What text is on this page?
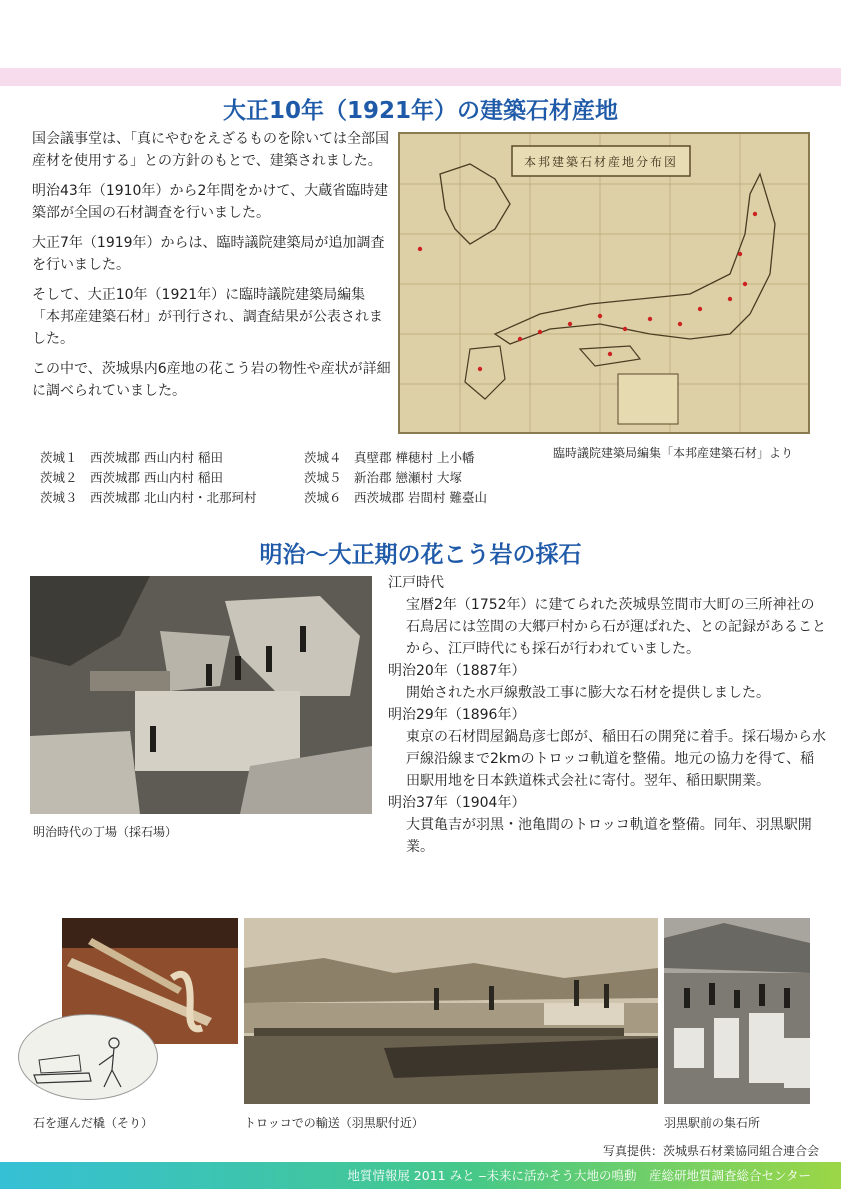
大正10年（1921年）の建築石材産地

国会議事堂は、「真にやむをえざるものを除いては全部国産材を使用する」との方針のもとで、建築されました。

明治43年（1910年）から2年間をかけて、大蔵省臨時建築部が全国の石材調査を行いました。

大正7年（1919年）からは、臨時議院建築局が追加調査を行いました。

そして、大正10年（1921年）に臨時議院建築局編集「本邦産建築石材」が刊行され、調査結果が公表されました。

この中で、茨城県内6産地の花こう岩の物性や産状が詳細に調べられていました。

本邦建築石材産地分布図
臨時議院建築局編集「本邦産建築石材」より
茨城１　西茨城郡 西山内村 稲田
茨城２　西茨城郡 西山内村 稲田
茨城３　西茨城郡 北山内村・北那珂村
茨城４　真壁郡 樺穂村 上小幡
茨城５　新治郡 戀瀬村 大塚
茨城６　西茨城郡 岩間村 難臺山
明治〜大正期の花こう岩の採石
明治時代の丁場（採石場）

江戸時代

宝暦2年（1752年）に建てられた茨城県笠間市大町の三所神社の石鳥居には笠間の大郷戸村から石が運ばれた、との記録があることから、江戸時代にも採石が行われていました。

明治20年（1887年）

開始された水戸線敷設工事に膨大な石材を提供しました。

明治29年（1896年）

東京の石材問屋鍋島彦七郎が、稲田石の開発に着手。採石場から水戸線沿線まで2kmのトロッコ軌道を整備。地元の協力を得て、稲田駅用地を日本鉄道株式会社に寄付。翌年、稲田駅開業。

明治37年（1904年）

大貫亀吉が羽黒・池亀間のトロッコ軌道を整備。同年、羽黒駅開業。

石を運んだ橇（そり）	トロッコでの輸送（羽黒駅付近）	羽黒駅前の集石所
写真提供：茨城県石材業協同組合連合会
地質情報展 2011 みと ‒未来に活かそう大地の鳴動　産総研地質調査総合センター
